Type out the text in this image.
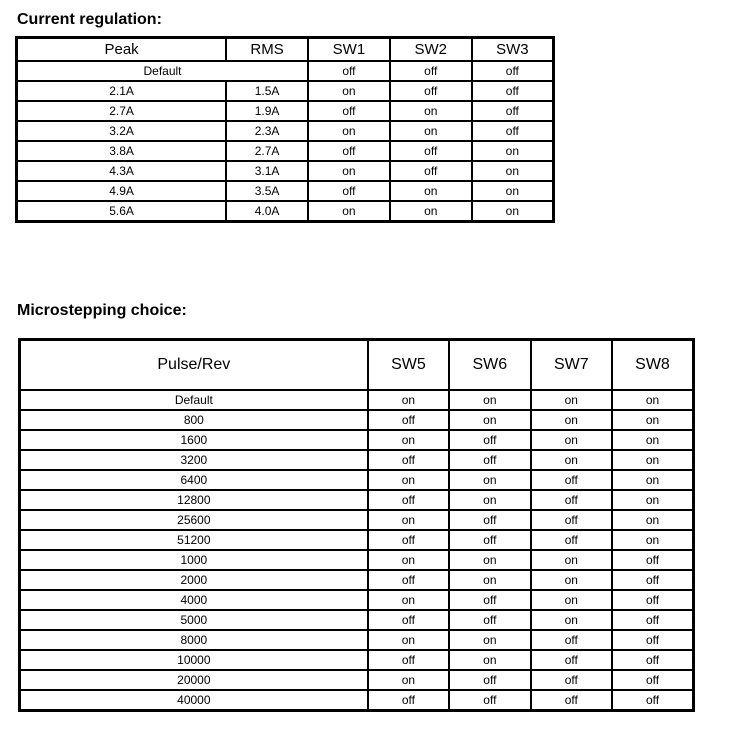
Current regulation:
Peak	RMS	SW1	SW2	SW3
Default		off	off	off
2.1A	1.5A	on	off	off
2.7A	1.9A	off	on	off
3.2A	2.3A	on	on	off
3.8A	2.7A	off	off	on
4.3A	3.1A	on	off	on
4.9A	3.5A	off	on	on
5.6A	4.0A	on	on	on
Microstepping choice:
Pulse/Rev	SW5	SW6	SW7	SW8
Default	on	on	on	on
800	off	on	on	on
1600	on	off	on	on
3200	off	off	on	on
6400	on	on	off	on
12800	off	on	off	on
25600	on	off	off	on
51200	off	off	off	on
1000	on	on	on	off
2000	off	on	on	off
4000	on	off	on	off
5000	off	off	on	off
8000	on	on	off	off
10000	off	on	off	off
20000	on	off	off	off
40000	off	off	off	off
